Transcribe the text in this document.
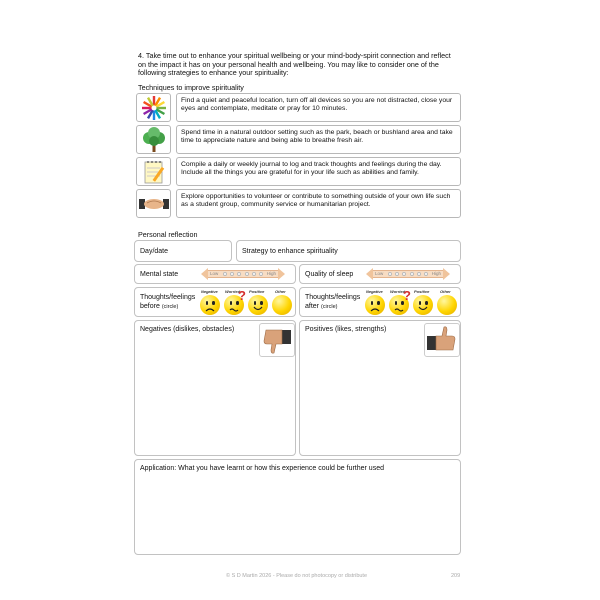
4. Take time out to enhance your spiritual wellbeing or your mind-body-spirit connection and reflect on the impact it has on your personal health and wellbeing. You may like to consider one of the following strategies to enhance your spirituality:
Techniques to improve spirituality
Find a quiet and peaceful location, turn off all devices so you are not distracted, close your eyes and contemplate, meditate or pray for 10 minutes.
Spend time in a natural outdoor setting such as the park, beach or bushland area and take time to appreciate nature and being able to breathe fresh air.
Compile a daily or weekly journal to log and track thoughts and feelings during the day. Include all the things you are grateful for in your life such as abilities and family.
Explore opportunities to volunteer or contribute to something outside of your own life such as a student group, community service or humanitarian project.
Personal reflection
Day/date	Strategy to enhance spirituality
Mental state	Low	High	Quality of sleep	Low	High
Thoughts/feelings
before (circle)
Negative Worried
? Positive	Other
Thoughts/feelings
after (circle)
Negative Worried
? Positive	Other
Negatives (dislikes, obstacles)	Positives (likes, strengths)
Application: What you have learnt or how this experience could be further used
© S D Martin 2026 - Please do not photocopy or distribute	209
